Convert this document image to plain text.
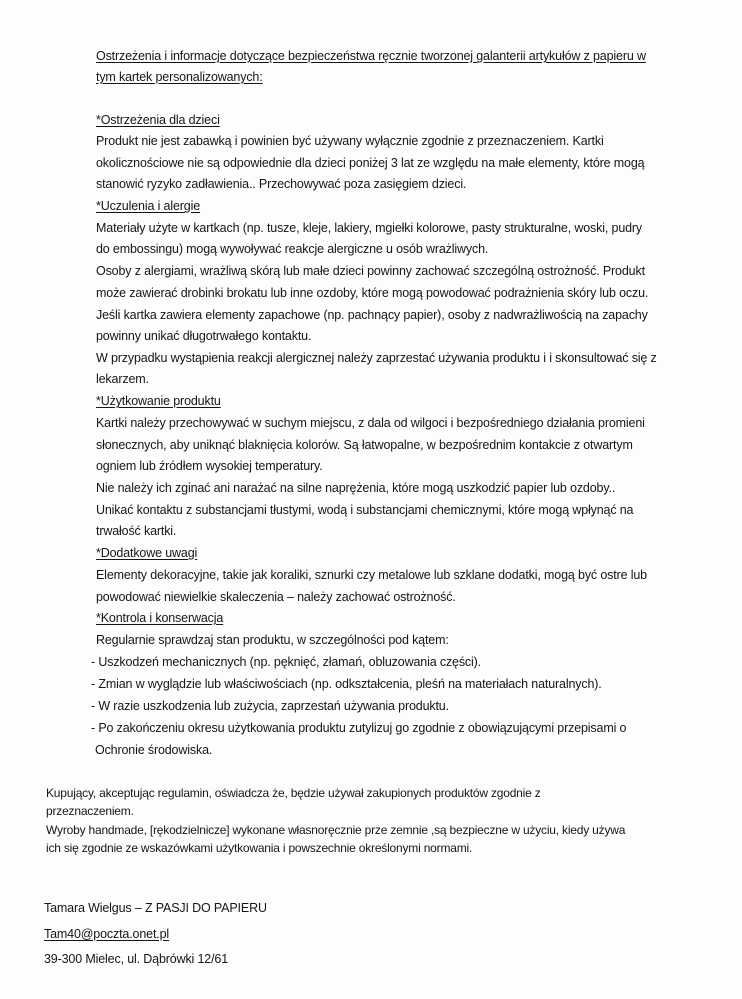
Ostrzeżenia i informacje dotyczące bezpieczeństwa ręcznie tworzonej galanterii artykułów z papieru w
tym kartek personalizowanych:
*Ostrzeżenia dla dzieci
Produkt nie jest zabawką i powinien być używany wyłącznie zgodnie z przeznaczeniem. Kartki
okolicznościowe nie są odpowiednie dla dzieci poniżej 3 lat ze względu na małe elementy, które mogą
stanowić ryzyko zadławienia.. Przechowywać poza zasięgiem dzieci.
*Uczulenia i alergie
Materiały użyte w kartkach (np. tusze, kleje, lakiery, mgiełki kolorowe, pasty strukturalne, woski, pudry
do embossingu) mogą wywoływać reakcje alergiczne u osób wrażliwych.
Osoby z alergiami, wrażliwą skórą lub małe dzieci powinny zachować szczególną ostrożność. Produkt
może zawierać drobinki brokatu lub inne ozdoby, które mogą powodować podrażnienia skóry lub oczu.
Jeśli kartka zawiera elementy zapachowe (np. pachnący papier), osoby z nadwrażliwością na zapachy
powinny unikać długotrwałego kontaktu.
W przypadku wystąpienia reakcji alergicznej należy zaprzestać używania produktu i i skonsultować się z
lekarzem.
*Użytkowanie produktu
Kartki należy przechowywać w suchym miejscu, z dala od wilgoci i bezpośredniego działania promieni
słonecznych, aby uniknąć blaknięcia kolorów. Są łatwopalne, w bezpośrednim kontakcie z otwartym
ogniem lub źródłem wysokiej temperatury.
Nie należy ich zginać ani narażać na silne naprężenia, które mogą uszkodzić papier lub ozdoby..
Unikać kontaktu z substancjami tłustymi, wodą i substancjami chemicznymi, które mogą wpłynąć na
trwałość kartki.
*Dodatkowe uwagi
Elementy dekoracyjne, takie jak koraliki, sznurki czy metalowe lub szklane dodatki, mogą być ostre lub
powodować niewielkie skaleczenia – należy zachować ostrożność.
*Kontrola i konserwacja
Regularnie sprawdzaj stan produktu, w szczególności pod kątem:
- Uszkodzeń mechanicznych (np. pęknięć, złamań, obluzowania części).
- Zmian w wyglądzie lub właściwościach (np. odkształcenia, pleśń na materiałach naturalnych).
- W razie uszkodzenia lub zużycia, zaprzestań używania produktu.
- Po zakończeniu okresu użytkowania produktu zutylizuj go zgodnie z obowiązującymi przepisami o
Ochronie środowiska.
Kupujący, akceptując regulamin, oświadcza że, będzie używał zakupionych produktów zgodnie z
przeznaczeniem.
Wyroby handmade, [rękodzielnicze] wykonane własnoręcznie prze zemnie ,są bezpieczne w użyciu, kiedy używa
ich się zgodnie ze wskazówkami użytkowania i powszechnie określonymi normami.
Tamara Wielgus – Z PASJI DO PAPIERU
Tam40@poczta.onet.pl
39-300 Mielec, ul. Dąbrówki 12/61
